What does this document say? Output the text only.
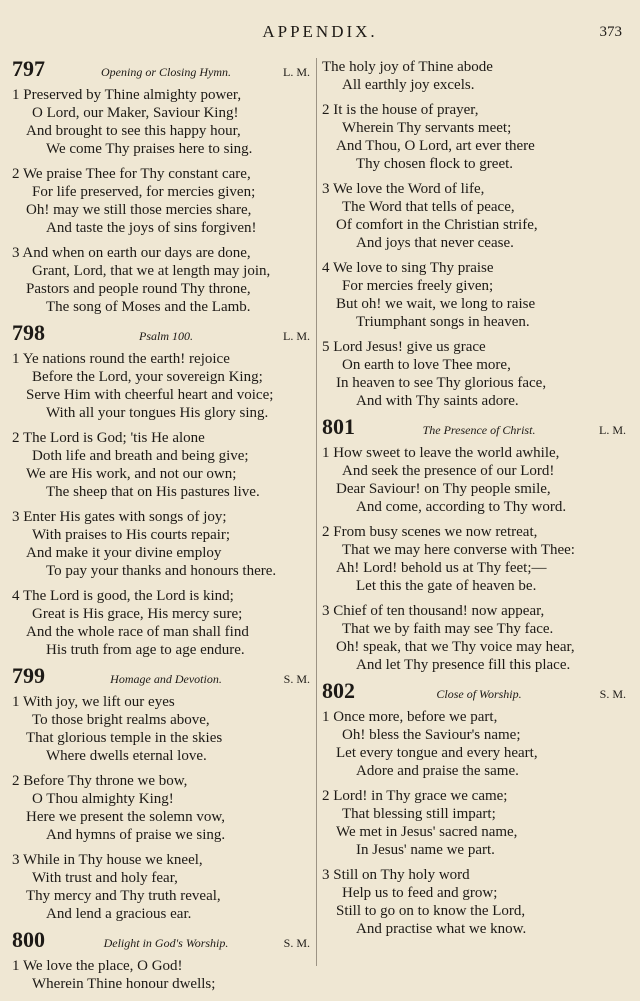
APPENDIX.	373
797	Opening or Closing Hymn.	L. M.
1 Preserved by Thine almighty power,
O Lord, our Maker, Saviour King!
And brought to see this happy hour,
We come Thy praises here to sing.
2 We praise Thee for Thy constant care,
For life preserved, for mercies given;
Oh! may we still those mercies share,
And taste the joys of sins forgiven!
3 And when on earth our days are done,
Grant, Lord, that we at length may join,
Pastors and people round Thy throne,
The song of Moses and the Lamb.
798	Psalm 100.	L. M.
1 Ye nations round the earth! rejoice
Before the Lord, your sovereign King;
Serve Him with cheerful heart and voice;
With all your tongues His glory sing.
2 The Lord is God; 'tis He alone
Doth life and breath and being give;
We are His work, and not our own;
The sheep that on His pastures live.
3 Enter His gates with songs of joy;
With praises to His courts repair;
And make it your divine employ
To pay your thanks and honours there.
4 The Lord is good, the Lord is kind;
Great is His grace, His mercy sure;
And the whole race of man shall find
His truth from age to age endure.
799	Homage and Devotion.	S. M.
1 With joy, we lift our eyes
To those bright realms above,
That glorious temple in the skies
Where dwells eternal love.
2 Before Thy throne we bow,
O Thou almighty King!
Here we present the solemn vow,
And hymns of praise we sing.
3 While in Thy house we kneel,
With trust and holy fear,
Thy mercy and Thy truth reveal,
And lend a gracious ear.
800	Delight in God's Worship.	S. M.
1 We love the place, O God!
Wherein Thine honour dwells;
The holy joy of Thine abode
All earthly joy excels.
2 It is the house of prayer,
Wherein Thy servants meet;
And Thou, O Lord, art ever there
Thy chosen flock to greet.
3 We love the Word of life,
The Word that tells of peace,
Of comfort in the Christian strife,
And joys that never cease.
4 We love to sing Thy praise
For mercies freely given;
But oh! we wait, we long to raise
Triumphant songs in heaven.
5 Lord Jesus! give us grace
On earth to love Thee more,
In heaven to see Thy glorious face,
And with Thy saints adore.
801	The Presence of Christ.	L. M.
1 How sweet to leave the world awhile,
And seek the presence of our Lord!
Dear Saviour! on Thy people smile,
And come, according to Thy word.
2 From busy scenes we now retreat,
That we may here converse with Thee:
Ah! Lord! behold us at Thy feet;—
Let this the gate of heaven be.
3 Chief of ten thousand! now appear,
That we by faith may see Thy face.
Oh! speak, that we Thy voice may hear,
And let Thy presence fill this place.
802	Close of Worship.	S. M.
1 Once more, before we part,
Oh! bless the Saviour's name;
Let every tongue and every heart,
Adore and praise the same.
2 Lord! in Thy grace we came;
That blessing still impart;
We met in Jesus' sacred name,
In Jesus' name we part.
3 Still on Thy holy word
Help us to feed and grow;
Still to go on to know the Lord,
And practise what we know.
